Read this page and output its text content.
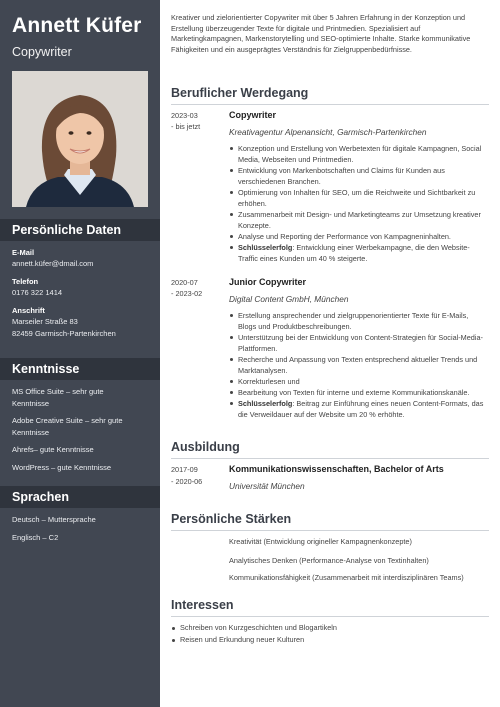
Annett Küfer
Copywriter
Persönliche Daten
E-Mail
annett.küfer@dmail.com
Telefon
0176 322 1414
Anschrift
Marseiler Straße 83
82459 Garmisch-Partenkirchen
Kenntnisse
MS Office Suite – sehr gute Kenntnisse
Adobe Creative Suite – sehr gute Kenntnisse
Ahrefs– gute Kenntnisse
WordPress – gute Kenntnisse
Sprachen
Deutsch – Muttersprache
Englisch – C2
Kreativer und zielorientierter Copywriter mit über 5 Jahren Erfahrung in der Konzeption und Erstellung überzeugender Texte für digitale und Printmedien. Spezialisiert auf Marketingkampagnen, Markenstorytelling und SEO-optimierte Inhalte. Starke kommunikative Fähigkeiten und ein ausgeprägtes Verständnis für Zielgruppenbedürfnisse.
Beruflicher Werdegang
2023-03
- bis jetzt
Copywriter
Kreativagentur Alpenansicht, Garmisch-Partenkirchen
Konzeption und Erstellung von Werbetexten für digitale Kampagnen, Social Media, Webseiten und Printmedien.
Entwicklung von Markenbotschaften und Claims für Kunden aus verschiedenen Branchen.
Optimierung von Inhalten für SEO, um die Reichweite und Sichtbarkeit zu erhöhen.
Zusammenarbeit mit Design- und Marketingteams zur Umsetzung kreativer Konzepte.
Analyse und Reporting der Performance von Kampagneninhalten.
Schlüsselerfolg: Entwicklung einer Werbekampagne, die den Website-Traffic eines Kunden um 40 % steigerte.
2020-07
- 2023-02
Junior Copywriter
Digital Content GmbH, München
Erstellung ansprechender und zielgruppenorientierter Texte für E-Mails, Blogs und Produktbeschreibungen.
Unterstützung bei der Entwicklung von Content-Strategien für Social-Media-Plattformen.
Recherche und Anpassung von Texten entsprechend aktueller Trends und Marktanalysen.
Korrekturlesen und
Bearbeitung von Texten für interne und externe Kommunikationskanäle.
Schlüsselerfolg: Beitrag zur Einführung eines neuen Content-Formats, das die Verweildauer auf der Website um 20 % erhöhte.
Ausbildung
2017-09
- 2020-06
Kommunikationswissenschaften, Bachelor of Arts
Universität München
Persönliche Stärken
Kreativität (Entwicklung origineller Kampagnenkonzepte)
Analytisches Denken (Performance-Analyse von Textinhalten)
Kommunikationsfähigkeit (Zusammenarbeit mit interdisziplinären Teams)
Interessen
Schreiben von Kurzgeschichten und Blogartikeln
Reisen und Erkundung neuer Kulturen
